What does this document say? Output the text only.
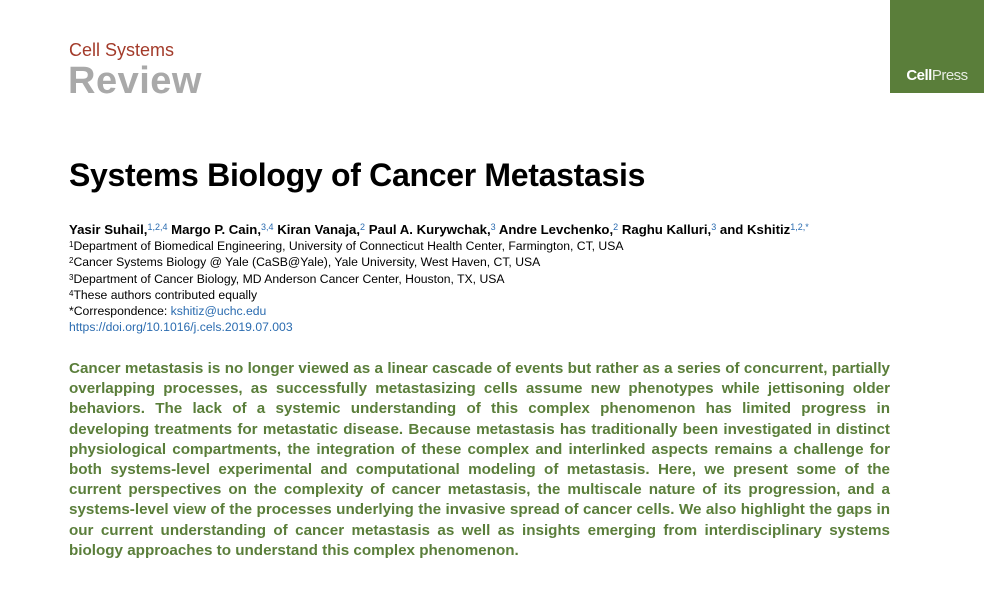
Cell Systems
Review	CellPress
Systems Biology of Cancer Metastasis
Yasir Suhail,$^{1,2,4}$ Margo P. Cain,$^{3,4}$ Kiran Vanaja,$^2$ Paul A. Kurywchak,$^3$ Andre Levchenko,$^2$ Raghu Kalluri,$^3$ and Kshitiz$^{1,2,*}$
$^1$Department of Biomedical Engineering, University of Connecticut Health Center, Farmington, CT, USA
$^2$Cancer Systems Biology @ Yale (CaSB@Yale), Yale University, West Haven, CT, USA
$^3$Department of Cancer Biology, MD Anderson Cancer Center, Houston, TX, USA
$^4$These authors contributed equally
*Correspondence: kshitiz@uchc.edu
https://doi.org/10.1016/j.cels.2019.07.003
Cancer metastasis is no longer viewed as a linear cascade of events but rather as a series of concurrent, partially overlapping processes, as successfully metastasizing cells assume new phenotypes while jettisoning older behaviors. The lack of a systemic understanding of this complex phenomenon has limited progress in developing treatments for metastatic disease. Because metastasis has traditionally been investigated in distinct physiological compartments, the integration of these complex and interlinked aspects remains a challenge for both systems-level experimental and computational modeling of metastasis. Here, we present some of the current perspectives on the complexity of cancer metastasis, the multiscale nature of its progression, and a systems-level view of the processes underlying the invasive spread of cancer cells. We also highlight the gaps in our current understanding of cancer metastasis as well as insights emerging from interdisciplinary systems biology approaches to understand this complex phenomenon.
